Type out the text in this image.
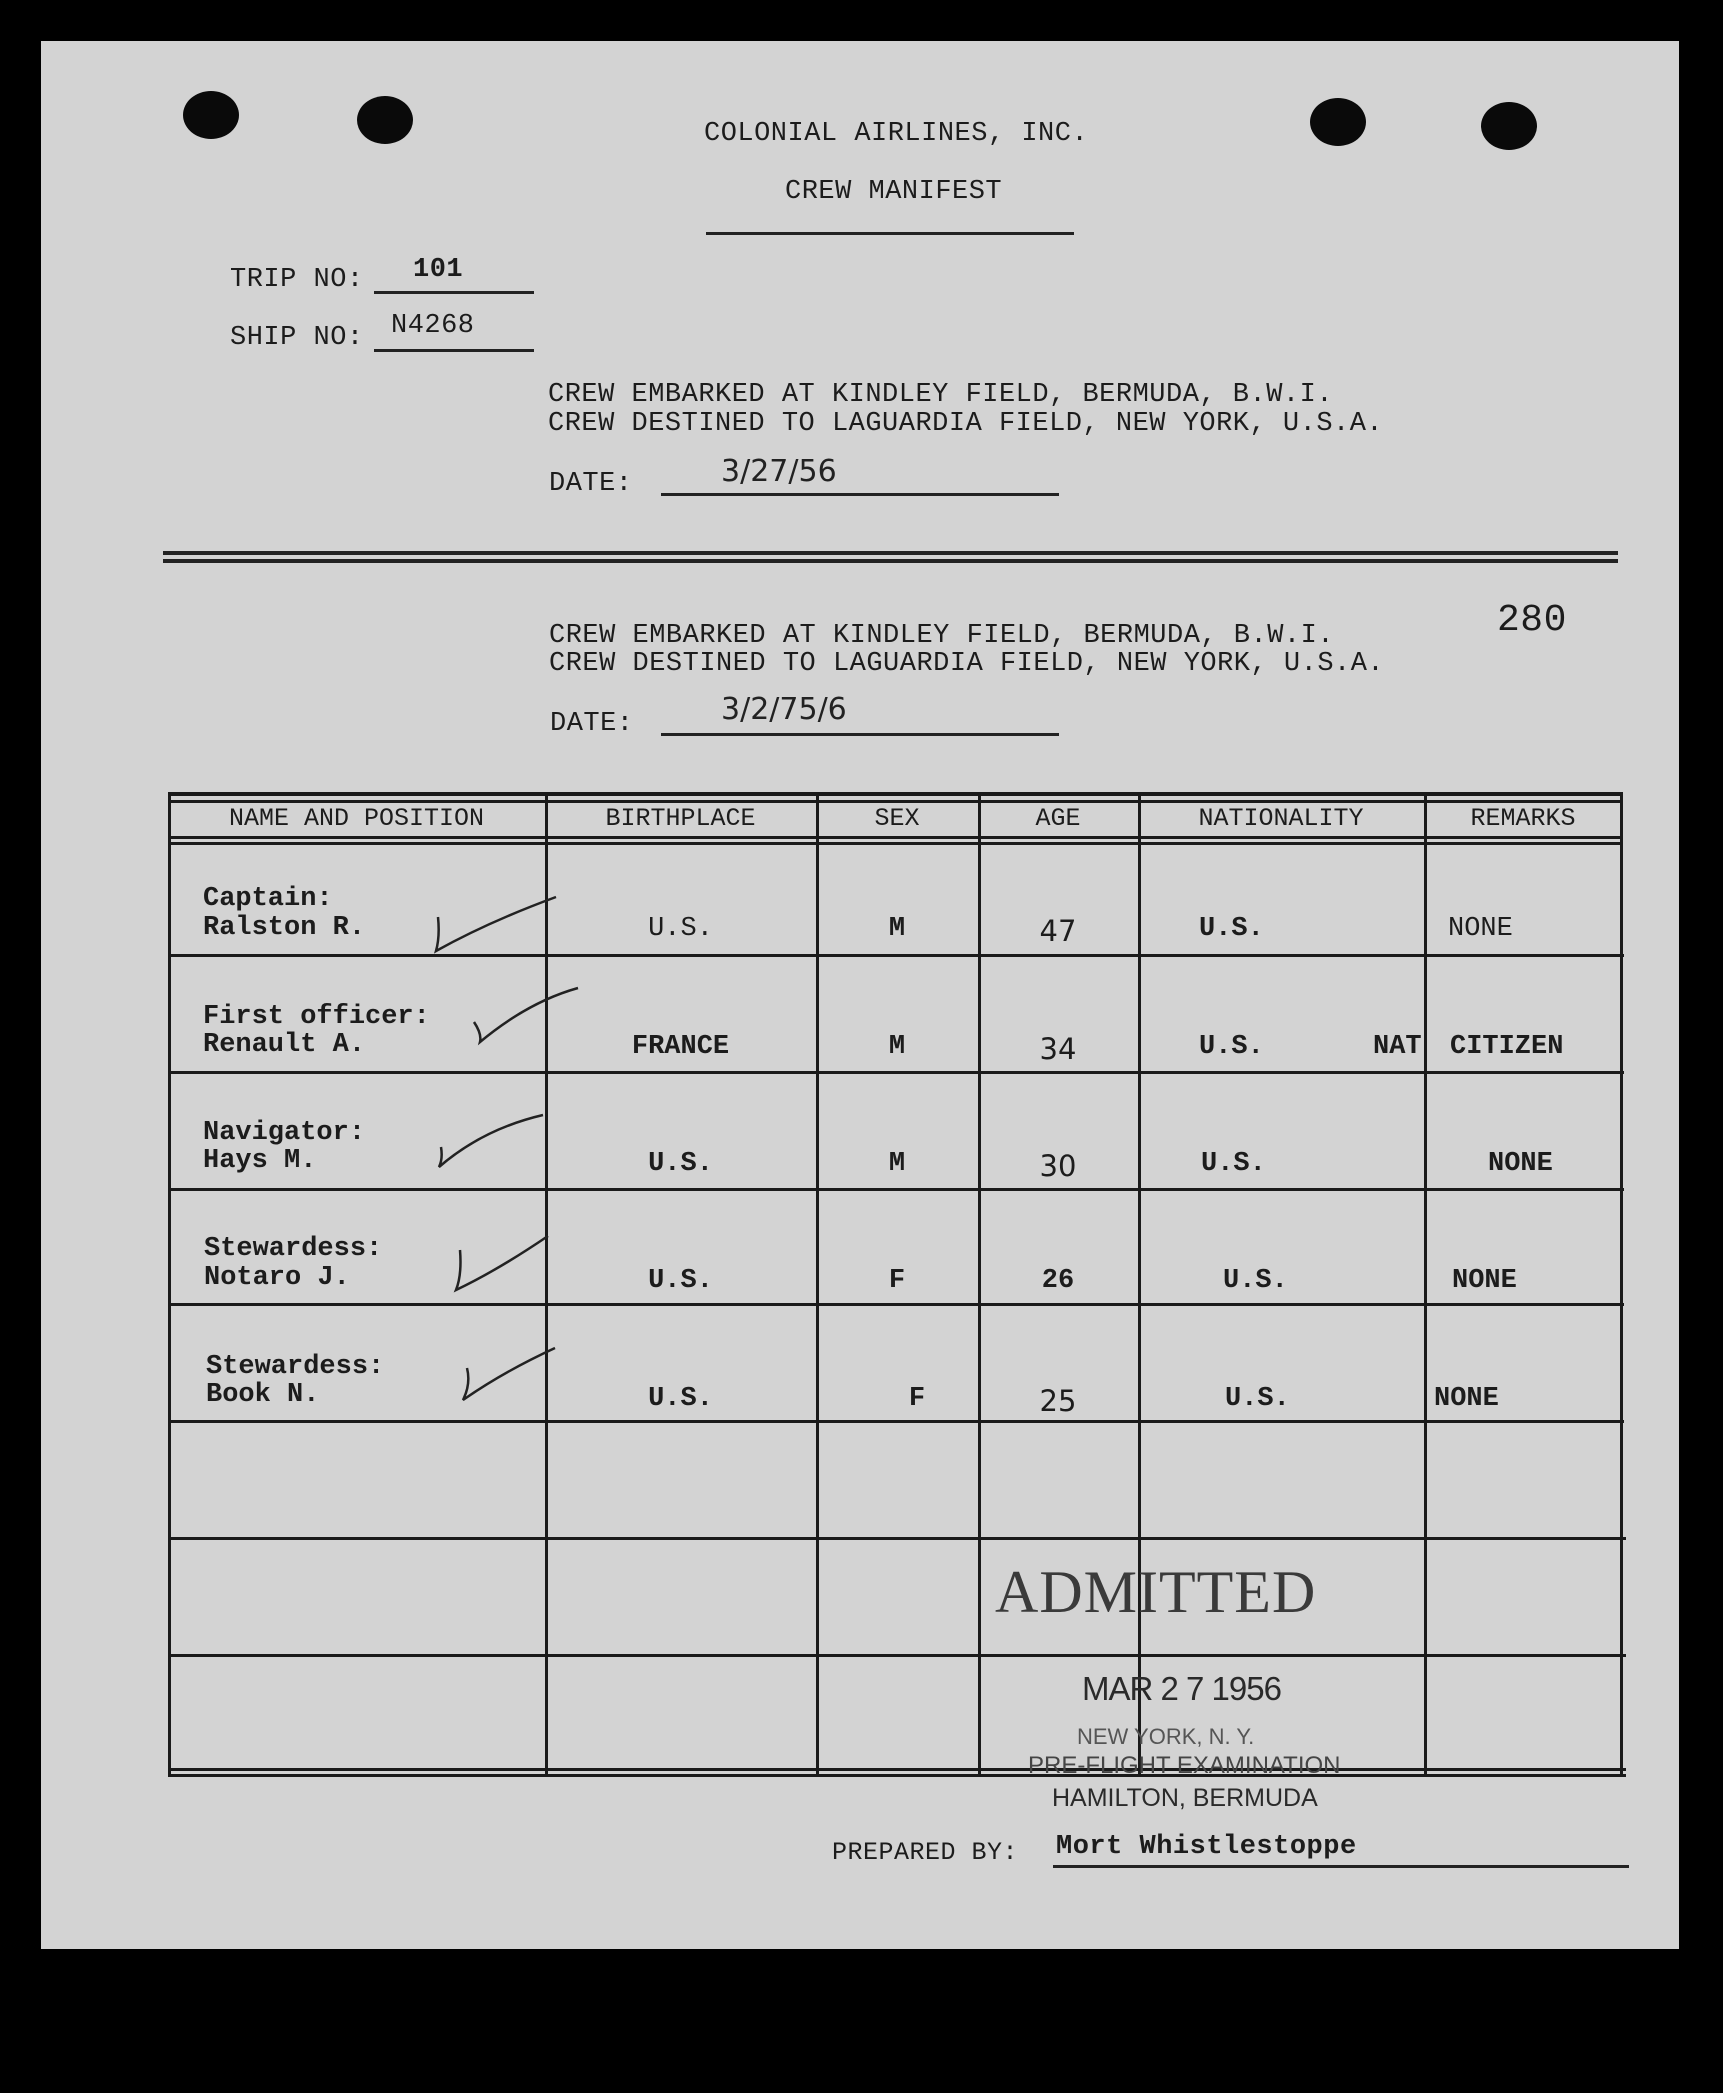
COLONIAL AIRLINES, INC.
CREW MANIFEST
TRIP NO: 101
SHIP NO: N4268
CREW EMBARKED AT KINDLEY FIELD, BERMUDA, B.W.I.
CREW DESTINED TO LAGUARDIA FIELD, NEW YORK, U.S.A.
DATE:	3/27/56
280
CREW EMBARKED AT KINDLEY FIELD, BERMUDA, B.W.I.
CREW DESTINED TO LAGUARDIA FIELD, NEW YORK, U.S.A.
DATE:	3/2/75/6
NAME AND POSITION	BIRTHPLACE	SEX	AGE	NATIONALITY	REMARKS
Captain:
Ralston R.	U.S.	M	47	U.S.	NONE
First officer:
Renault A.	FRANCE	M	34	U.S.	NAT CITIZEN
Navigator:
Hays M.	U.S.	M	30	U.S.	NONE
Stewardess:
Notaro J.	U.S.	F	26	U.S.	NONE
Stewardess:
Book N.	U.S.	F	25	U.S.	NONE
ADMITTED
MAR 2 7 1956
NEW YORK, N. Y.
PRE-FLIGHT EXAMINATION
HAMILTON, BERMUDA
PREPARED BY: Mort Whistlestoppe
